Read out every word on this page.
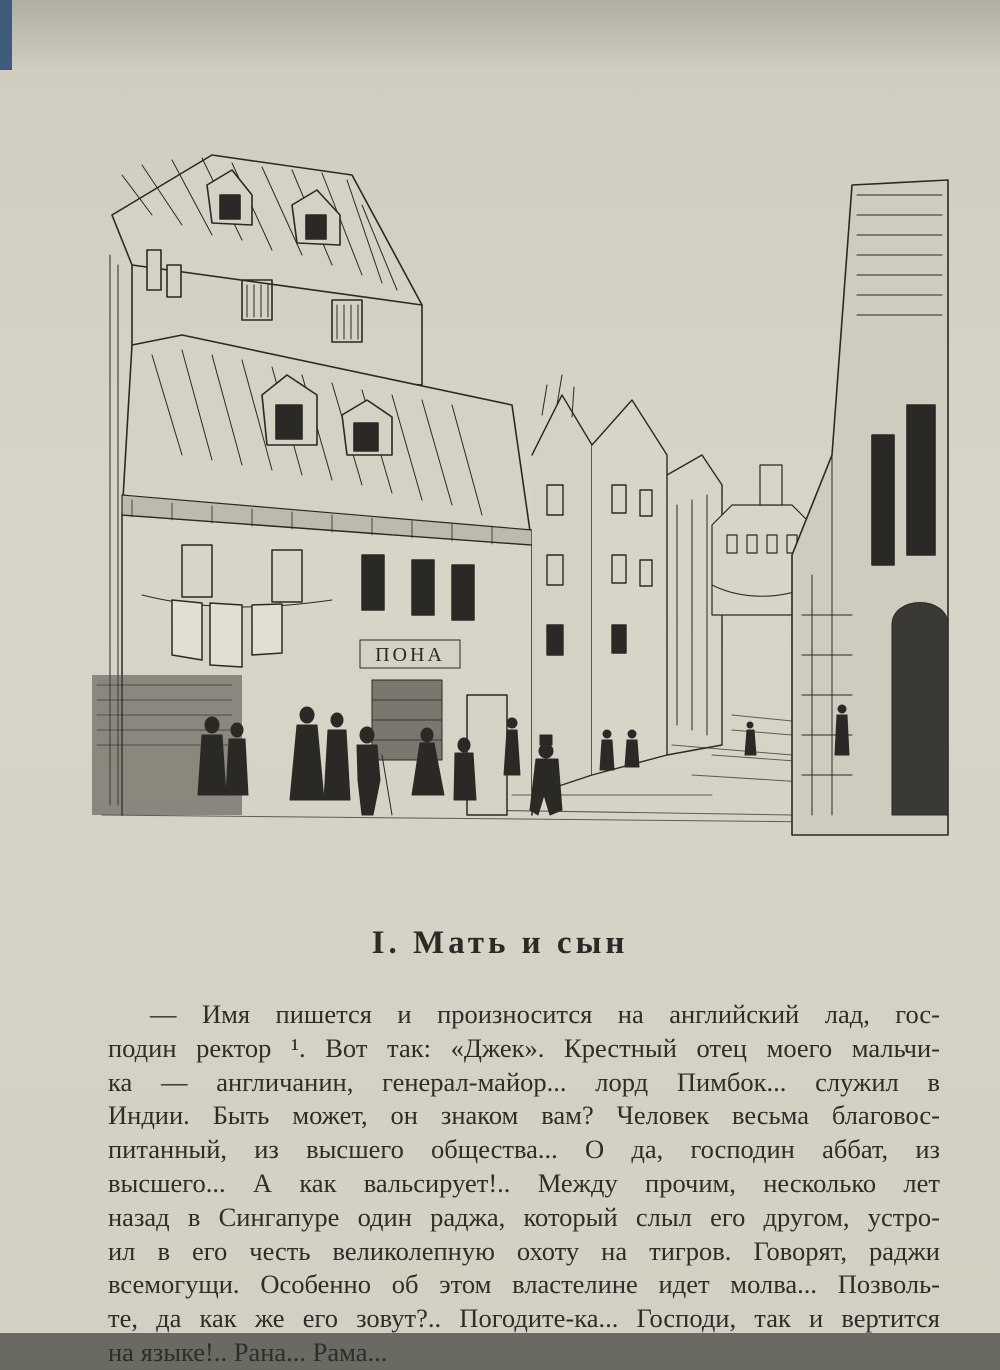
ПОНА
I. Мать и сын
— Имя пишется и произносится на английский лад, гос-
подин ректор ¹. Вот так: «Джек». Крестный отец моего мальчи-
ка — англичанин, генерал-майор... лорд Пимбок... служил в
Индии. Быть может, он знаком вам? Человек весьма благовос-
питанный, из высшего общества... О да, господин аббат, из
высшего... А как вальсирует!.. Между прочим, несколько лет
назад в Сингапуре один раджа, который слыл его другом, устро-
ил в его честь великолепную охоту на тигров. Говорят, раджи
всемогущи. Особенно об этом властелине идет молва... Позволь-
те, да как же его зовут?.. Погодите-ка... Господи, так и вертится
на языке!.. Рана... Рама...
